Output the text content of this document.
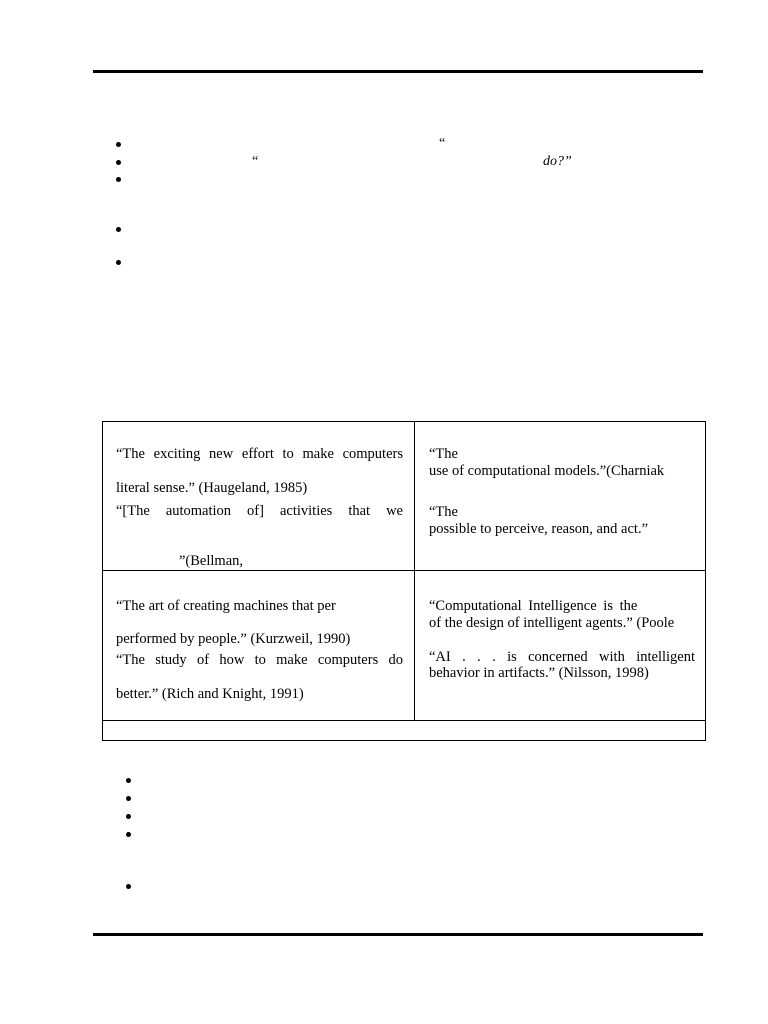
“
“	do?”
“The exciting new effort to make computers
literal sense.” (Haugeland, 1985)
“[The automation of] activities that we
”(Bellman,
“The
use of computational models.”(Charniak
“The
possible to perceive, reason, and act.”
“The art of creating machines that per
performed by people.” (Kurzweil, 1990)
“The study of how to make computers do
better.” (Rich and Knight, 1991)
“Computational Intelligence is the
of the design of intelligent agents.” (Poole
“AI . . . is concerned with intelligent
behavior in artifacts.” (Nilsson, 1998)
